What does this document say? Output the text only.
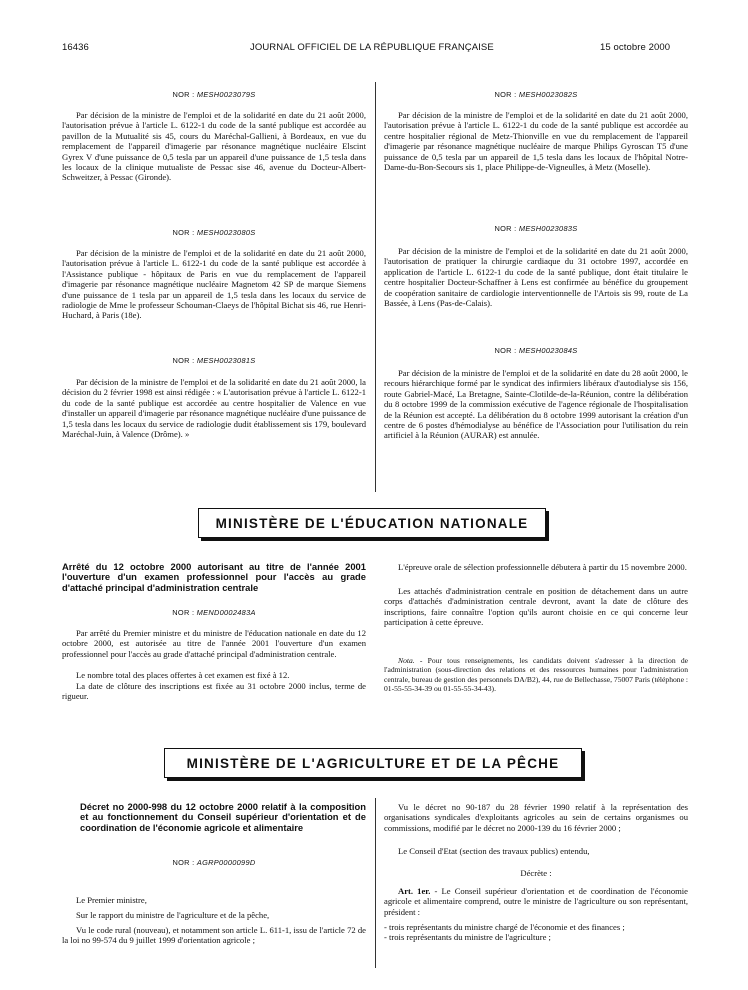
16436	JOURNAL OFFICIEL DE LA RÉPUBLIQUE FRANÇAISE	15 octobre 2000
NOR : MESH0023079S

Par décision de la ministre de l'emploi et de la solidarité en date du 21 août 2000, l'autorisation prévue à l'article L. 6122-1 du code de la santé publique est accordée au pavillon de la Mutualité sis 45, cours du Maréchal-Gallieni, à Bordeaux, en vue du remplacement de l'appareil d'imagerie par résonance magnétique nucléaire Elscint Gyrex V d'une puissance de 0,5 tesla par un appareil d'une puissance de 1,5 tesla dans les locaux de la clinique mutualiste de Pessac sise 46, avenue du Docteur-Albert-Schweitzer, à Pessac (Gironde).

NOR : MESH0023080S

Par décision de la ministre de l'emploi et de la solidarité en date du 21 août 2000, l'autorisation prévue à l'article L. 6122-1 du code de la santé publique est accordée à l'Assistance publique - hôpitaux de Paris en vue du remplacement de l'appareil d'imagerie par résonance magnétique nucléaire Magnetom 42 SP de marque Siemens d'une puissance de 1 tesla par un appareil de 1,5 tesla dans les locaux du service de radiologie de Mme le professeur Schouman-Claeys de l'hôpital Bichat sis 46, rue Henri-Huchard, à Paris (18e).

NOR : MESH0023081S

Par décision de la ministre de l'emploi et de la solidarité en date du 21 août 2000, la décision du 2 février 1998 est ainsi rédigée : « L'autorisation prévue à l'article L. 6122-1 du code de la santé publique est accordée au centre hospitalier de Valence en vue d'installer un appareil d'imagerie par résonance magnétique nucléaire d'une puissance de 1,5 tesla dans les locaux du service de radiologie dudit établissement sis 179, boulevard Maréchal-Juin, à Valence (Drôme). »

NOR : MESH0023082S

Par décision de la ministre de l'emploi et de la solidarité en date du 21 août 2000, l'autorisation prévue à l'article L. 6122-1 du code de la santé publique est accordée au centre hospitalier régional de Metz-Thionville en vue du remplacement de l'appareil d'imagerie par résonance magnétique nucléaire de marque Philips Gyroscan T5 d'une puissance de 0,5 tesla par un appareil de 1,5 tesla dans les locaux de l'hôpital Notre-Dame-du-Bon-Secours sis 1, place Philippe-de-Vigneulles, à Metz (Moselle).

NOR : MESH0023083S

Par décision de la ministre de l'emploi et de la solidarité en date du 21 août 2000, l'autorisation de pratiquer la chirurgie cardiaque du 31 octobre 1997, accordée en application de l'article L. 6122-1 du code de la santé publique, dont était titulaire le centre hospitalier Docteur-Schaffner à Lens est confirmée au bénéfice du groupement de coopération sanitaire de cardiologie interventionnelle de l'Artois sis 99, route de La Bassée, à Lens (Pas-de-Calais).

NOR : MESH0023084S

Par décision de la ministre de l'emploi et de la solidarité en date du 28 août 2000, le recours hiérarchique formé par le syndicat des infirmiers libéraux d'autodialyse sis 156, route Gabriel-Macé, La Bretagne, Sainte-Clotilde-de-la-Réunion, contre la délibération du 8 octobre 1999 de la commission exécutive de l'agence régionale de l'hospitalisation de la Réunion est accepté. La délibération du 8 octobre 1999 autorisant la création d'un centre de 6 postes d'hémodialyse au bénéfice de l'Association pour l'utilisation du rein artificiel à la Réunion (AURAR) est annulée.

MINISTÈRE DE L'ÉDUCATION NATIONALE

Arrêté du 12 octobre 2000 autorisant au titre de l'année 2001 l'ouverture d'un examen professionnel pour l'accès au grade d'attaché principal d'administration centrale

NOR : MEND0002483A

Par arrêté du Premier ministre et du ministre de l'éducation nationale en date du 12 octobre 2000, est autorisée au titre de l'année 2001 l'ouverture d'un examen professionnel pour l'accès au grade d'attaché principal d'administration centrale.

Le nombre total des places offertes à cet examen est fixé à 12.

La date de clôture des inscriptions est fixée au 31 octobre 2000 inclus, terme de rigueur.

L'épreuve orale de sélection professionnelle débutera à partir du 15 novembre 2000.

Les attachés d'administration centrale en position de détachement dans un autre corps d'attachés d'administration centrale devront, avant la date de clôture des inscriptions, faire connaître l'option qu'ils auront choisie en ce qui concerne leur participation à cette épreuve.

Nota. - Pour tous renseignements, les candidats doivent s'adresser à la direction de l'administration (sous-direction des relations et des ressources humaines pour l'administration centrale, bureau de gestion des personnels DA/B2), 44, rue de Bellechasse, 75007 Paris (téléphone : 01-55-55-34-39 ou 01-55-55-34-43).

MINISTÈRE DE L'AGRICULTURE ET DE LA PÊCHE

Décret no 2000-998 du 12 octobre 2000 relatif à la composition et au fonctionnement du Conseil supérieur d'orientation et de coordination de l'économie agricole et alimentaire

NOR : AGRP0000099D

Le Premier ministre,

Sur le rapport du ministre de l'agriculture et de la pêche,

Vu le code rural (nouveau), et notamment son article L. 611-1, issu de l'article 72 de la loi no 99-574 du 9 juillet 1999 d'orientation agricole ;

Vu le décret no 90-187 du 28 février 1990 relatif à la représentation des organisations syndicales d'exploitants agricoles au sein de certains organismes ou commissions, modifié par le décret no 2000-139 du 16 février 2000 ;

Le Conseil d'Etat (section des travaux publics) entendu,

Décrète :

Art. 1er. - Le Conseil supérieur d'orientation et de coordination de l'économie agricole et alimentaire comprend, outre le ministre de l'agriculture ou son représentant, président :

- trois représentants du ministre chargé de l'économie et des finances ;
- trois représentants du ministre de l'agriculture ;
